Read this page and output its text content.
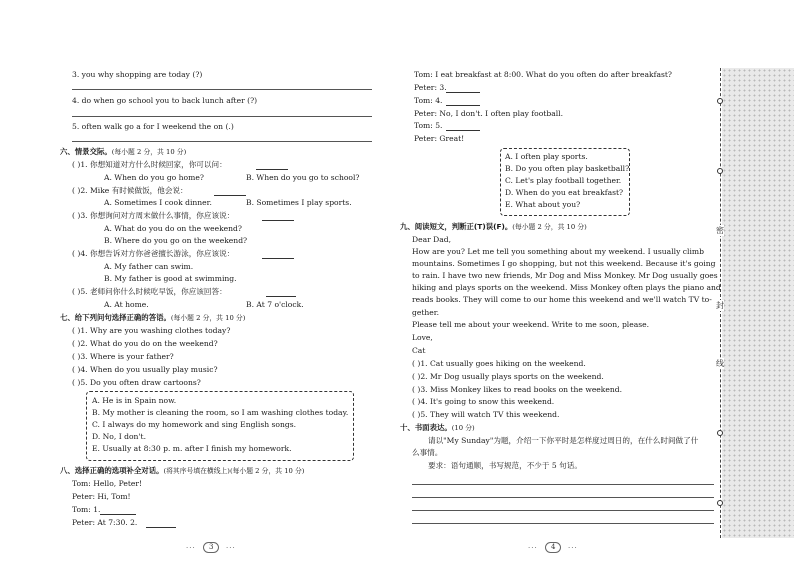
3. you why shopping are today (?)
4. do when go school you to back lunch after (?)
5. often walk go a for I weekend the on (.)
六、情景交际。(每小题 2 分，共 10 分)
( )1. 你想知道对方什么时候回家，你可以问：
A. When do you go home?	B. When do you go to school?
( )2. Mike 有时候做饭，他会说：
A. Sometimes I cook dinner.	B. Sometimes I play sports.
( )3. 你想询问对方周末做什么事情，你应该说：
A. What do you do on the weekend?
B. Where do you go on the weekend?
( )4. 你想告诉对方你爸爸擅长游泳，你应该说：
A. My father can swim.
B. My father is good at swimming.
( )5. 老师问你什么时候吃早饭，你应该回答：
A. At home.	B. At 7 o'clock.
七、给下列问句选择正确的答语。(每小题 2 分，共 10 分)
( )1. Why are you washing clothes today?
( )2. What do you do on the weekend?
( )3. Where is your father?
( )4. When do you usually play music?
( )5. Do you often draw cartoons?
A. He is in Spain now.
B. My mother is cleaning the room, so I am washing clothes today.
C. I always do my homework and sing English songs.
D. No, I don't.
E. Usually at 8:30 p. m. after I finish my homework.
八、选择正确的选项补全对话。(将其序号填在横线上)(每小题 2 分，共 10 分)
Tom: Hello, Peter!
Peter: Hi, Tom!
Tom: 1.
Peter: At 7:30. 2.
···	3	···
Tom: I eat breakfast at 8:00. What do you often do after breakfast?
Peter: 3.
Tom: 4.
Peter: No, I don't. I often play football.
Tom: 5.
Peter: Great!
A. I often play sports.
B. Do you often play basketball?
C. Let's play football together.
D. When do you eat breakfast?
E. What about you?
九、阅读短文，判断正(T)误(F)。(每小题 2 分，共 10 分)
Dear Dad,
How are you? Let me tell you something about my weekend. I usually climb
mountains. Sometimes I go shopping, but not this weekend. Because it's going
to rain. I have two new friends, Mr Dog and Miss Monkey. Mr Dog usually goes
hiking and plays sports on the weekend. Miss Monkey often plays the piano and
reads books. They will come to our home this weekend and we'll watch TV to-
gether.
Please tell me about your weekend. Write to me soon, please.
Love,
Cat
( )1. Cat usually goes hiking on the weekend.
( )2. Mr Dog usually plays sports on the weekend.
( )3. Miss Monkey likes to read books on the weekend.
( )4. It's going to snow this weekend.
( )5. They will watch TV this weekend.
十、书面表达。(10 分)
请以"My Sunday"为题，介绍一下你平时是怎样度过周日的，在什么时间做了什
么事情。
要求：语句通顺，书写规范，不少于 5 句话。
···	4	···
密
封
线
